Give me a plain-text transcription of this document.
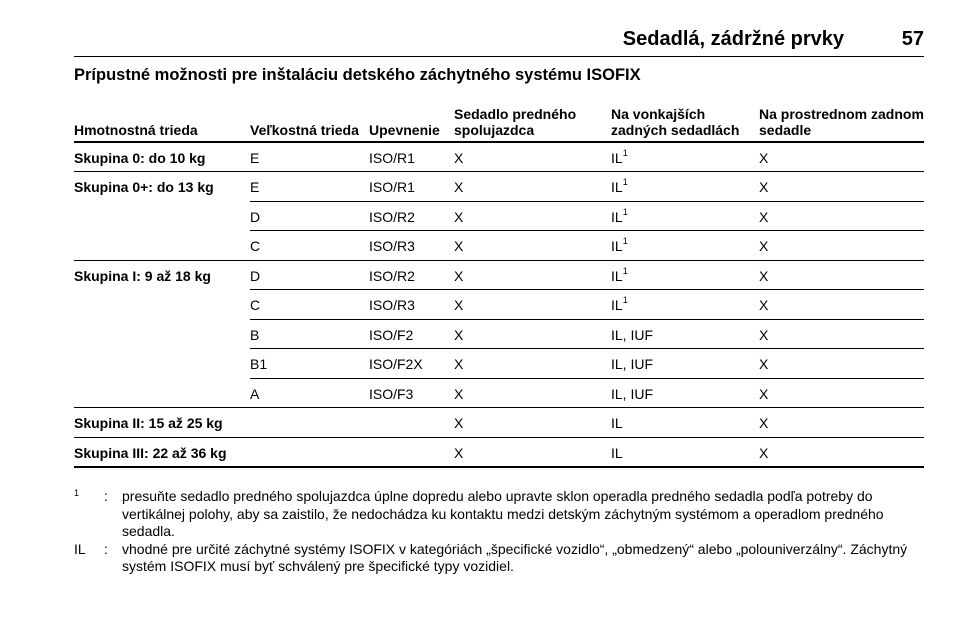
Sedadlá, zádržné prvky	57
Prípustné možnosti pre inštaláciu detského záchytného systému ISOFIX
Hmotnostná trieda	Veľkostná trieda	Upevnenie	Sedadlo predného spolujazdca	Na vonkajších zadných sedadlách	Na prostrednom zadnom sedadle
Skupina 0: do 10 kg	E	ISO/R1	X	$IL^1$	X
Skupina 0+: do 13 kg	E	ISO/R1	X	$IL^1$	X
	D	ISO/R2	X	$IL^1$	X
	C	ISO/R3	X	$IL^1$	X
Skupina I: 9 až 18 kg	D	ISO/R2	X	$IL^1$	X
	C	ISO/R3	X	$IL^1$	X
	B	ISO/F2	X	IL, IUF	X
	B1	ISO/F2X	X	IL, IUF	X
	A	ISO/F3	X	IL, IUF	X
Skupina II: 15 až 25 kg			X	IL	X
Skupina III: 22 až 36 kg			X	IL	X
$^1$	:	presuňte sedadlo predného spolujazdca úplne dopredu alebo upravte sklon operadla predného sedadla podľa potreby do vertikálnej polohy, aby sa zaistilo, že nedochádza ku kontaktu medzi detským záchytným systémom a operadlom predného sedadla.
IL	:	vhodné pre určité záchytné systémy ISOFIX v kategóriách „špecifické vozidlo“, „obmedzený“ alebo „polouniverzálny“. Záchytný systém ISOFIX musí byť schválený pre špecifické typy vozidiel.
